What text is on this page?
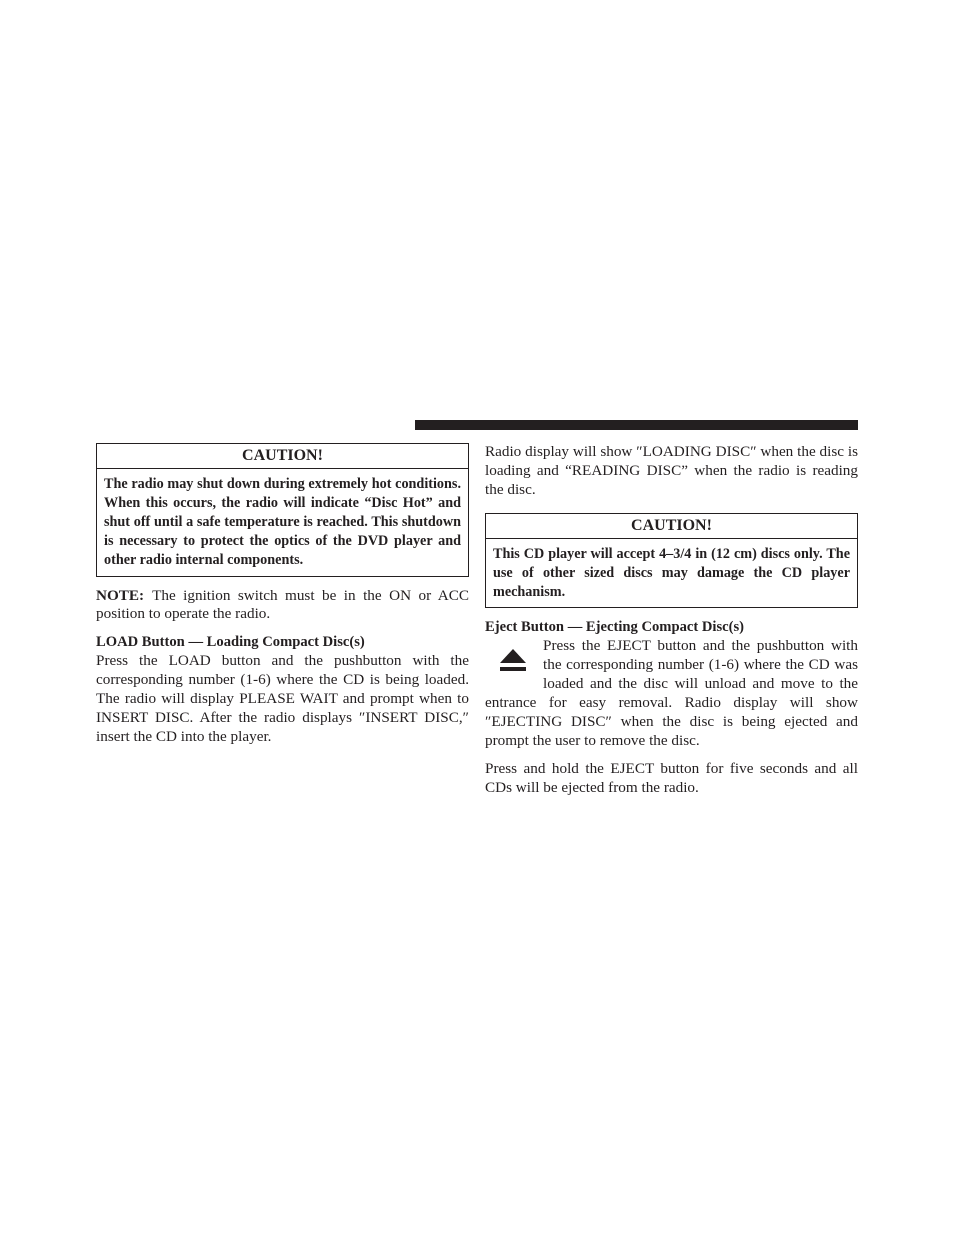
CAUTION!
The radio may shut down during extremely hot conditions. When this occurs, the radio will indicate “Disc Hot” and shut off until a safe temperature is reached. This shutdown is necessary to protect the optics of the DVD player and other radio internal components.

NOTE: The ignition switch must be in the ON or ACC position to operate the radio.

LOAD Button — Loading Compact Disc(s)

Press the LOAD button and the pushbutton with the corresponding number (1-6) where the CD is being loaded. The radio will display PLEASE WAIT and prompt when to INSERT DISC. After the radio displays ″INSERT DISC,″ insert the CD into the player.

Radio display will show ″LOADING DISC″ when the disc is loading and “READING DISC” when the radio is reading the disc.

CAUTION!
This CD player will accept 4–3/4 in (12 cm) discs only. The use of other sized discs may damage the CD player mechanism.

Eject Button — Ejecting Compact Disc(s)

Press the EJECT button and the pushbutton with the corresponding number (1-6) where the CD was loaded and the disc will unload and move to the entrance for easy removal. Radio display will show ″EJECTING DISC″ when the disc is being ejected and prompt the user to remove the disc.

Press and hold the EJECT button for five seconds and all CDs will be ejected from the radio.
